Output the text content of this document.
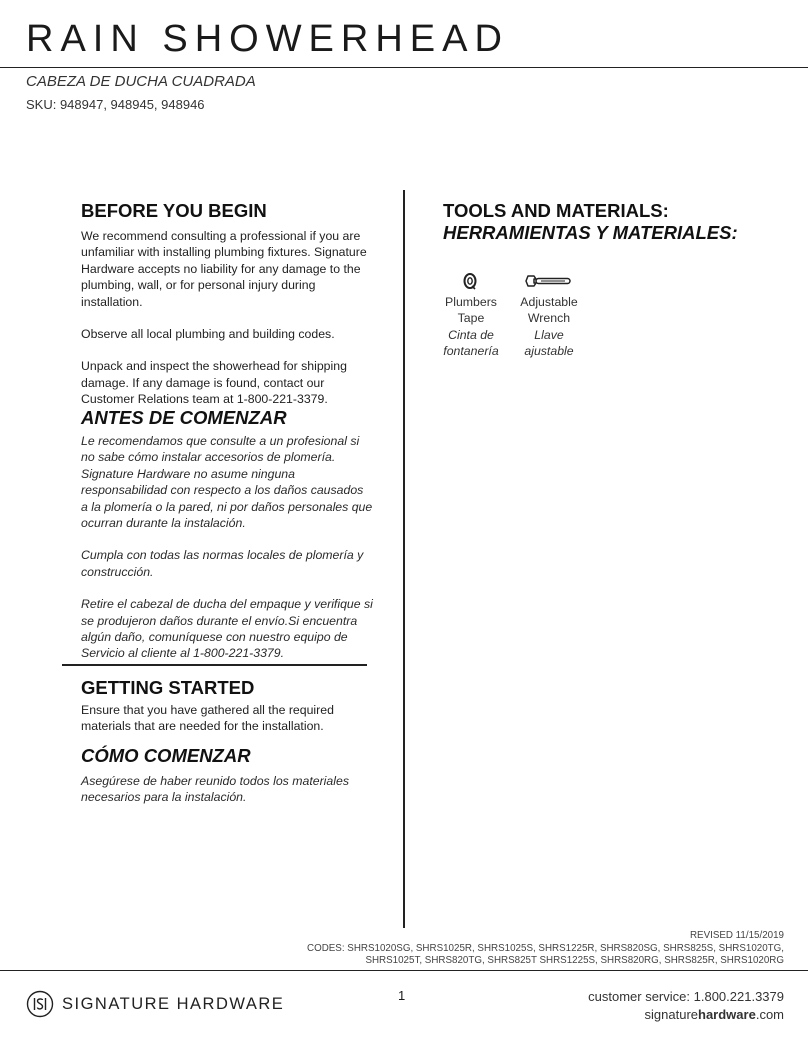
RAIN SHOWERHEAD
CABEZA DE DUCHA CUADRADA
SKU: 948947, 948945, 948946
BEFORE YOU BEGIN

We recommend consulting a professional if you are unfamiliar with installing plumbing fixtures. Signature Hardware accepts no liability for any damage to the plumbing, wall, or for personal injury during installation.

Observe all local plumbing and building codes.

Unpack and inspect the showerhead for shipping damage. If any damage is found, contact our Customer Relations team at 1-800-221-3379.

ANTES DE COMENZAR

Le recomendamos que consulte a un profesional si no sabe cómo instalar accesorios de plomería. Signature Hardware no asume ninguna responsabilidad con respecto a los daños causados a la plomería o la pared, ni por daños personales que ocurran durante la instalación.

Cumpla con todas las normas locales de plomería y construcción.

Retire el cabezal de ducha del empaque y verifique si se produjeron daños durante el envío.Si encuentra algún daño, comuníquese con nuestro equipo de Servicio al cliente al 1-800-221-3379.

GETTING STARTED

Ensure that you have gathered all the required materials that are needed for the installation.

CÓMO COMENZAR

Asegúrese de haber reunido todos los materiales necesarios para la instalación.

TOOLS AND MATERIALS:
HERRAMIENTAS Y MATERIALES:
Plumbers
Tape
Cinta de
fontanería
Adjustable
Wrench
Llave
ajustable
REVISED 11/15/2019
CODES: SHRS1020SG, SHRS1025R, SHRS1025S, SHRS1225R, SHRS820SG, SHRS825S, SHRS1020TG,
SHRS1025T, SHRS820TG, SHRS825T SHRS1225S, SHRS820RG, SHRS825R, SHRS1020RG
SIGNATURE HARDWARE	1	customer service: 1.800.221.3379
signaturehardware.com
